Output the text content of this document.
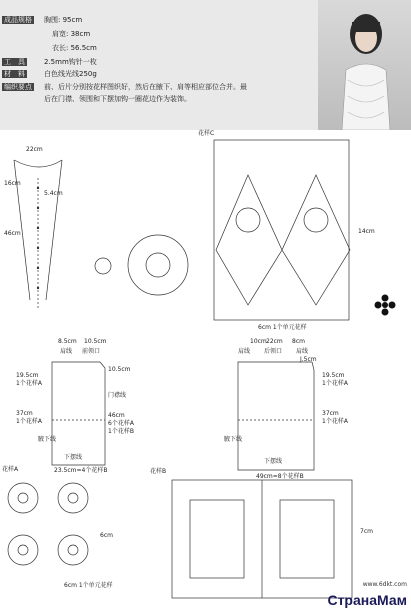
成品规格	胸围: 95cm
肩宽: 38cm
衣长: 56.5cm
工　具	2.5mm钩针一枚
材　料	白色线光线250g
编织要点	前、后片分别按花样图织好，然后在腋下、肩等相应部位合并。最
后在门襟、领围和下摆加钩一圈花边作为装饰。
22cm
16cm
5.4cm
46cm
花样C
14cm
6cm 1个单元花样
8.5cm 10.5cm
肩线 前领口
19.5cm
1个花样A
37cm
1个花样A
10.5cm
门襟线
46cm
6个花样A
1个花样B
腋下线
下摆线
23.5cm=4个花样B
10cm 22cm 8cm
肩线 后领口 肩线
J.5cm
19.5cm
1个花样A
37cm
1个花样A
腋下线
下摆线
49cm=8个花样B
花样A
6cm
6cm 1个单元花样
花样B
7cm
www.6dkt.com
СтранаМам
